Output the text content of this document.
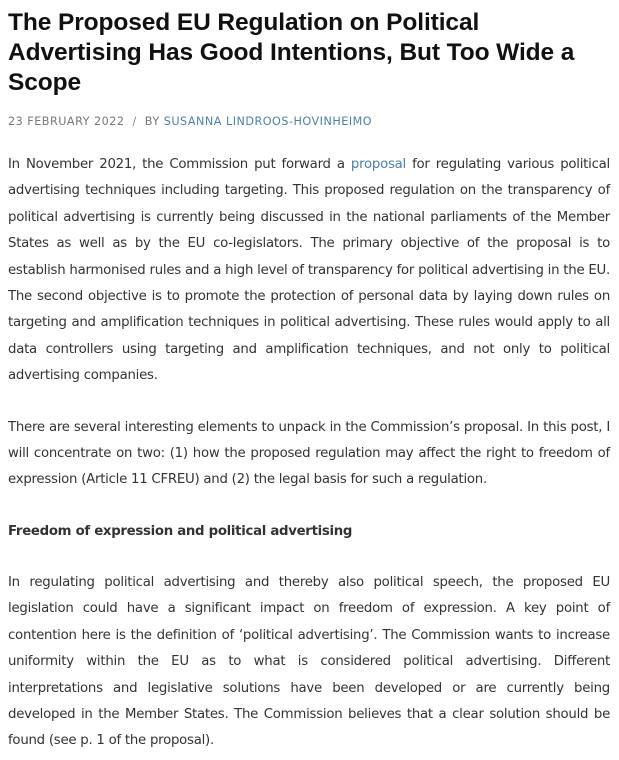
The Proposed EU Regulation on Political Advertising Has Good Intentions, But Too Wide a Scope
23 FEBRUARY 2022 / BY SUSANNA LINDROOS-HOVINHEIMO

In November 2021, the Commission put forward a proposal for regulating various political advertising techniques including targeting. This proposed regulation on the transparency of political advertising is currently being discussed in the national parliaments of the Member States as well as by the EU co-legislators. The primary objective of the proposal is to establish harmonised rules and a high level of transparency for political advertising in the EU. The second objective is to promote the protection of personal data by laying down rules on targeting and amplification techniques in political advertising. These rules would apply to all data controllers using targeting and amplification techniques, and not only to political advertising companies.

There are several interesting elements to unpack in the Commission’s proposal. In this post, I will concentrate on two: (1) how the proposed regulation may affect the right to freedom of expression (Article 11 CFREU) and (2) the legal basis for such a regulation.

Freedom of expression and political advertising

In regulating political advertising and thereby also political speech, the proposed EU legislation could have a significant impact on freedom of expression. A key point of contention here is the definition of ‘political advertising’. The Commission wants to increase uniformity within the EU as to what is considered political advertising. Different interpretations and legislative solutions have been developed or are currently being developed in the Member States. The Commission believes that a clear solution should be found (see p. 1 of the proposal).
